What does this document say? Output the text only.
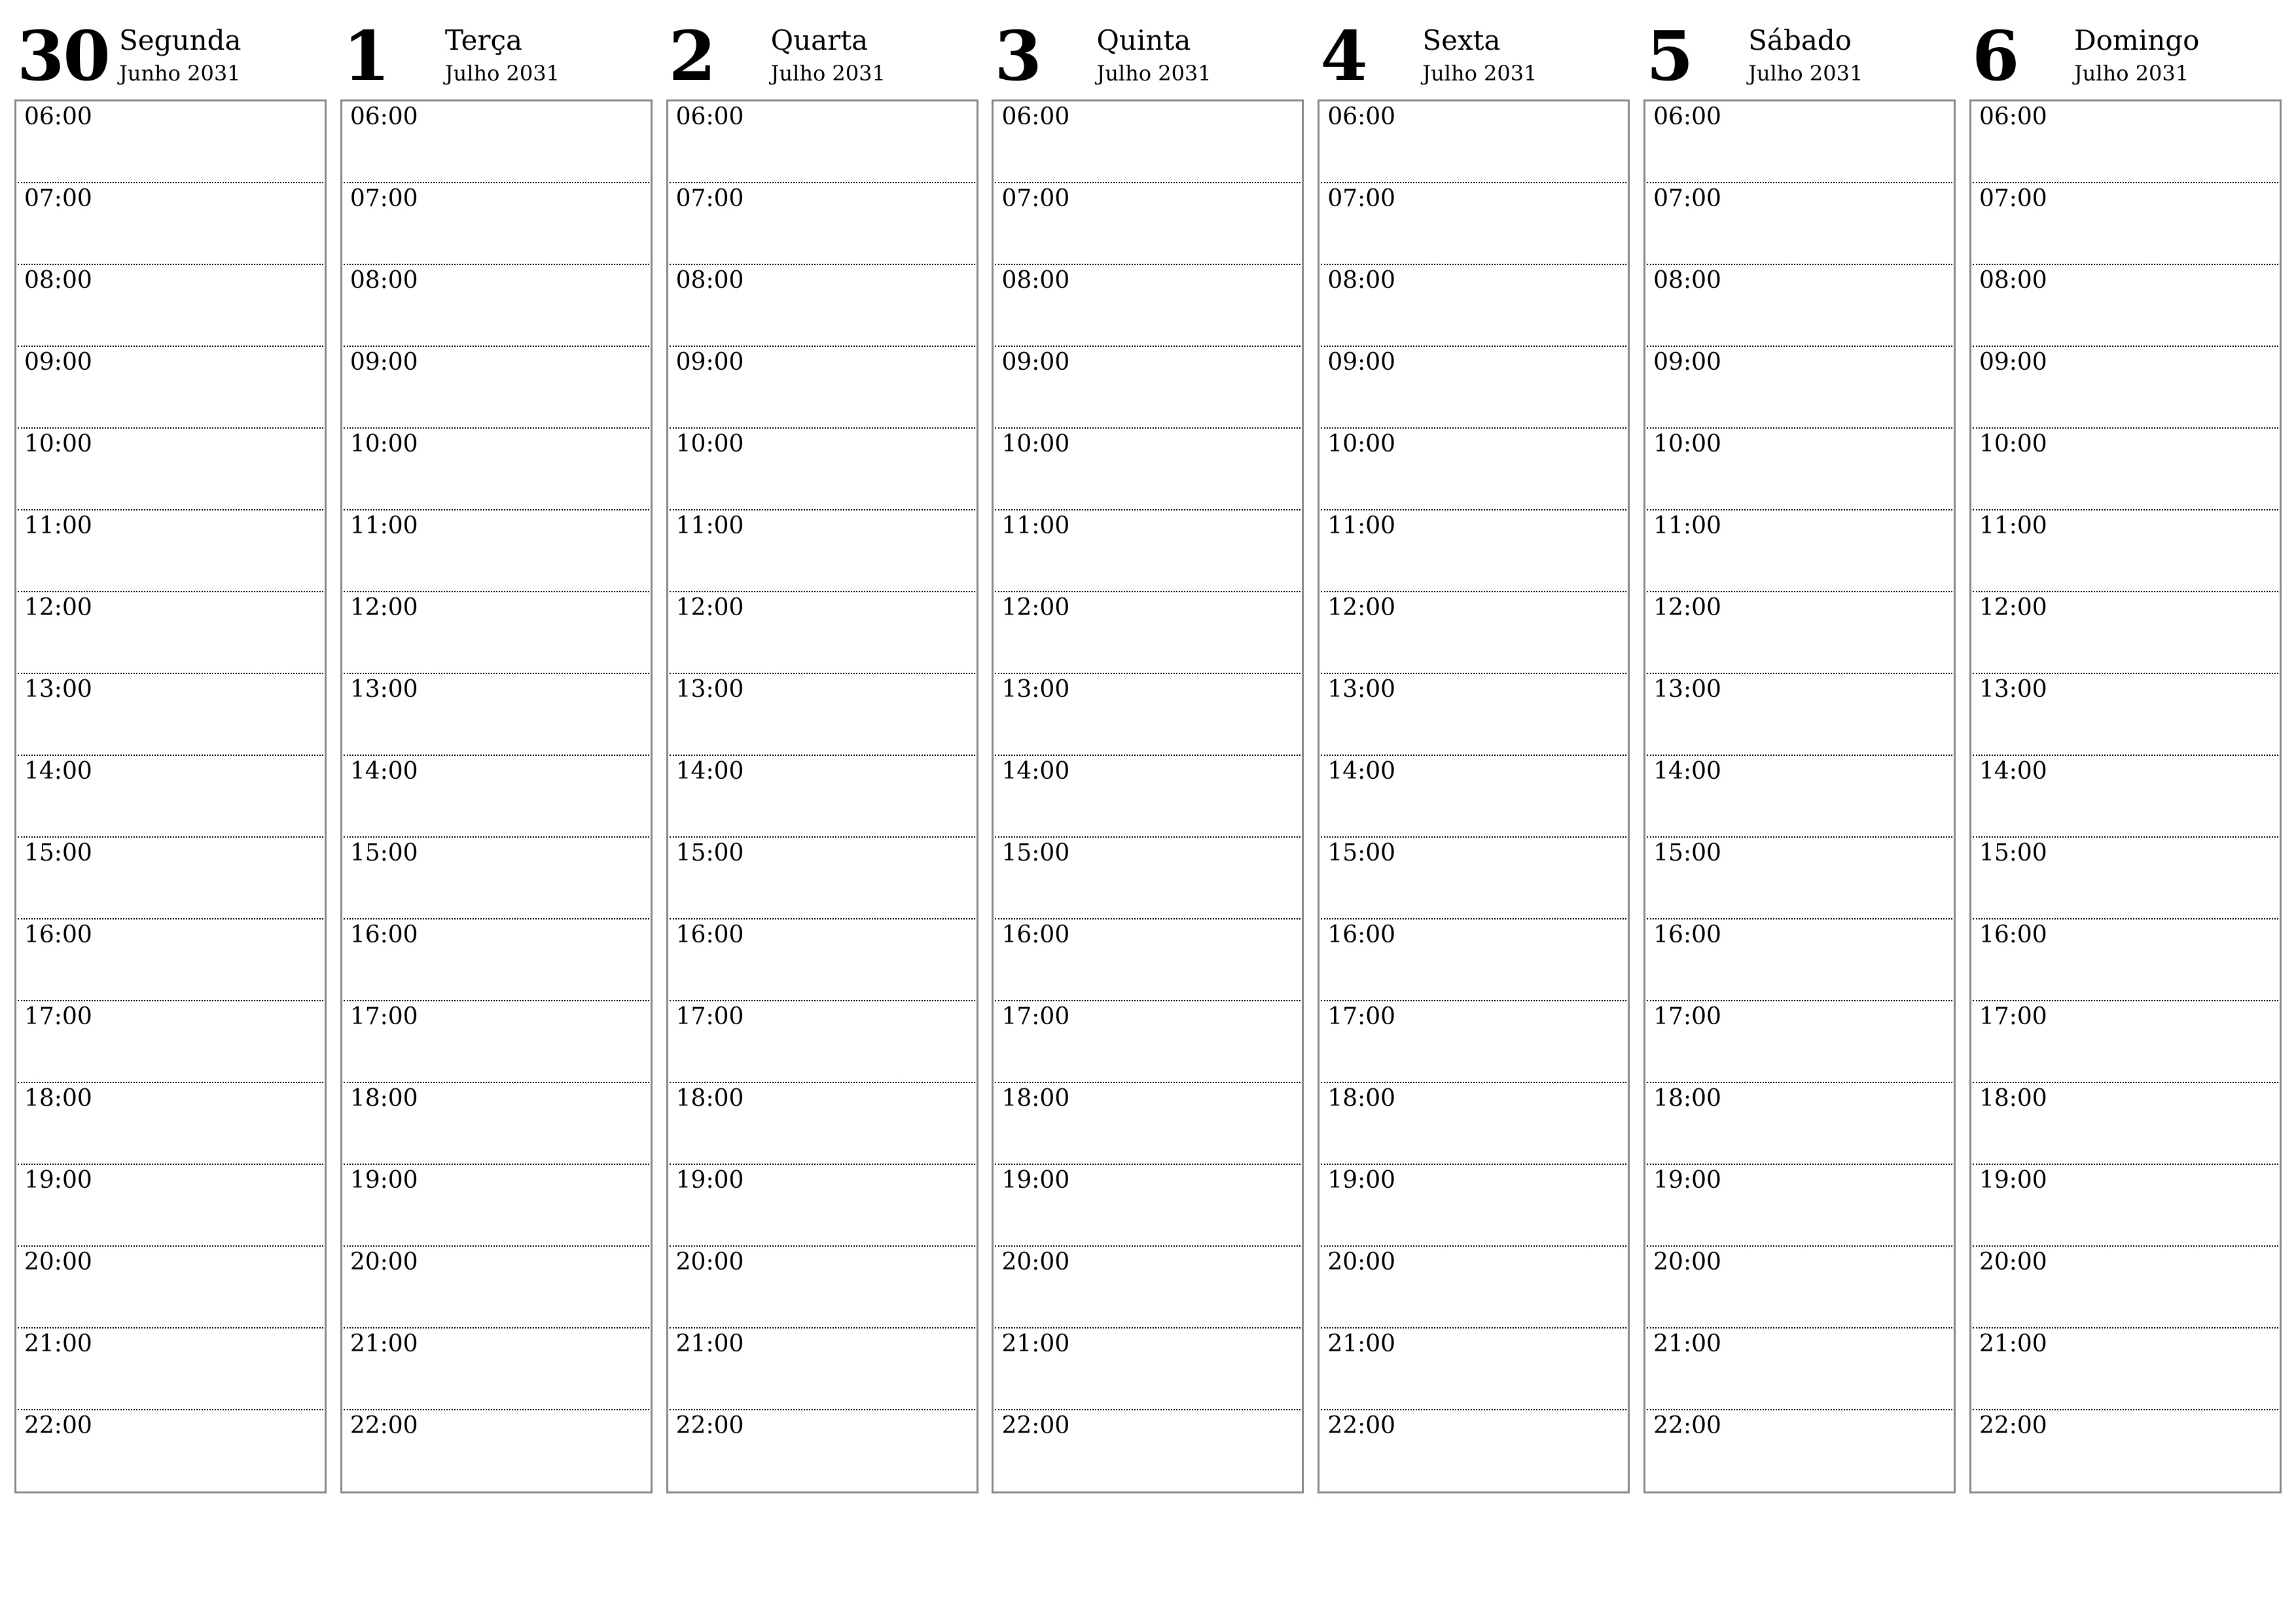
30 Segunda
Junho 2031
06:00
07:00
08:00
09:00
10:00
11:00
12:00
13:00
14:00
15:00
16:00
17:00
18:00
19:00
20:00
21:00
22:00
1 Terça
Julho 2031
06:00
07:00
08:00
09:00
10:00
11:00
12:00
13:00
14:00
15:00
16:00
17:00
18:00
19:00
20:00
21:00
22:00
2 Quarta
Julho 2031
06:00
07:00
08:00
09:00
10:00
11:00
12:00
13:00
14:00
15:00
16:00
17:00
18:00
19:00
20:00
21:00
22:00
3 Quinta
Julho 2031
06:00
07:00
08:00
09:00
10:00
11:00
12:00
13:00
14:00
15:00
16:00
17:00
18:00
19:00
20:00
21:00
22:00
4 Sexta
Julho 2031
06:00
07:00
08:00
09:00
10:00
11:00
12:00
13:00
14:00
15:00
16:00
17:00
18:00
19:00
20:00
21:00
22:00
5 Sábado
Julho 2031
06:00
07:00
08:00
09:00
10:00
11:00
12:00
13:00
14:00
15:00
16:00
17:00
18:00
19:00
20:00
21:00
22:00
6 Domingo
Julho 2031
06:00
07:00
08:00
09:00
10:00
11:00
12:00
13:00
14:00
15:00
16:00
17:00
18:00
19:00
20:00
21:00
22:00
